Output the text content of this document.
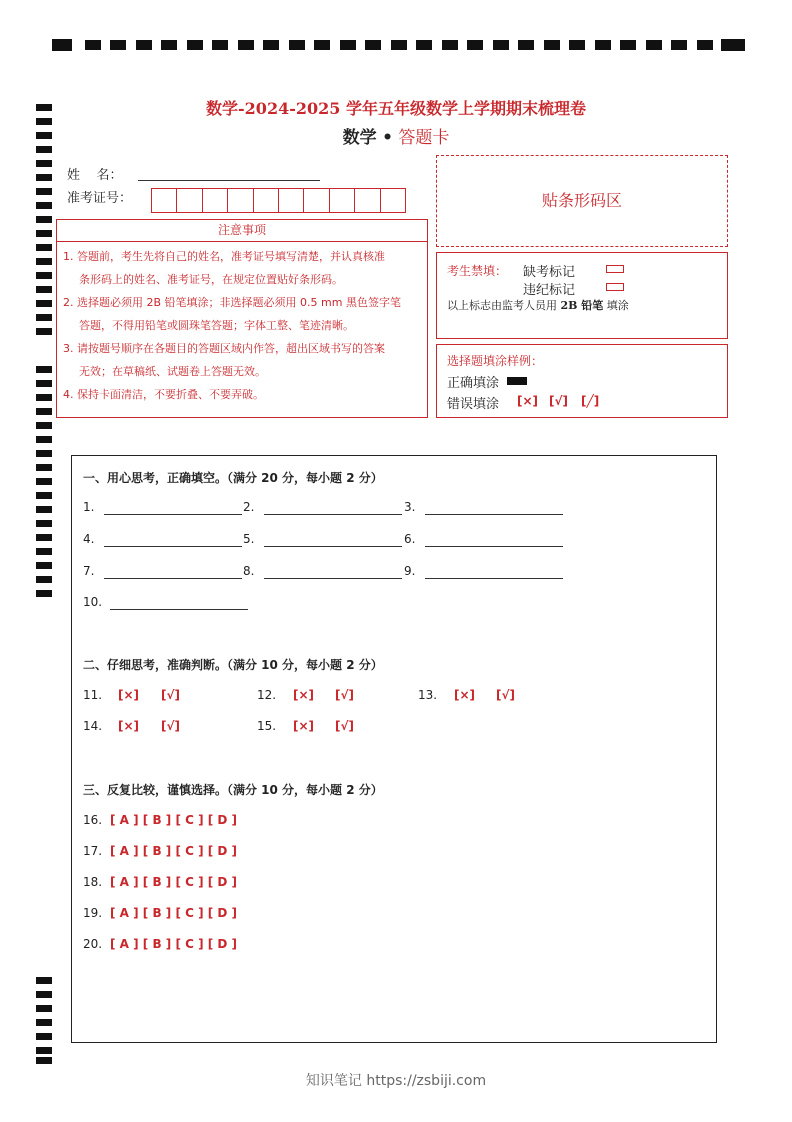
数学-2024-2025 学年五年级数学上学期期末梳理卷
数学 • 答题卡
姓    名：
准考证号：
注意事项
1. 答题前，考生先将自己的姓名，准考证号填写清楚，并认真核准
条形码上的姓名、准考证号，在规定位置贴好条形码。
2. 选择题必须用 2B 铅笔填涂；非选择题必须用 0.5 mm 黑色签字笔
答题，不得用铅笔或圆珠笔答题；字体工整、笔迹清晰。
3. 请按题号顺序在各题目的答题区域内作答，超出区域书写的答案
无效；在草稿纸、试题卷上答题无效。
4. 保持卡面清洁，不要折叠、不要弄破。
贴条形码区
考生禁填： 缺考标记
违纪标记
以上标志由监考人员用 2B 铅笔 填涂
选择题填涂样例：
正确填涂
错误填涂 [×] [√] [╱]
一、用心思考，正确填空。（满分 20 分，每小题 2 分）
1.	2.	3.
4.	5.	6.
7.	8.	9.
10.
二、仔细思考，准确判断。（满分 10 分，每小题 2 分）
11. [×] [√]	12. [×] [√]	13. [×] [√]
14. [×] [√]	15. [×] [√]
三、反复比较，谨慎选择。（满分 10 分，每小题 2 分）
16. [ A ] [ B ] [ C ] [ D ]
17. [ A ] [ B ] [ C ] [ D ]
18. [ A ] [ B ] [ C ] [ D ]
19. [ A ] [ B ] [ C ] [ D ]
20. [ A ] [ B ] [ C ] [ D ]
知识笔记 https://zsbiji.com
